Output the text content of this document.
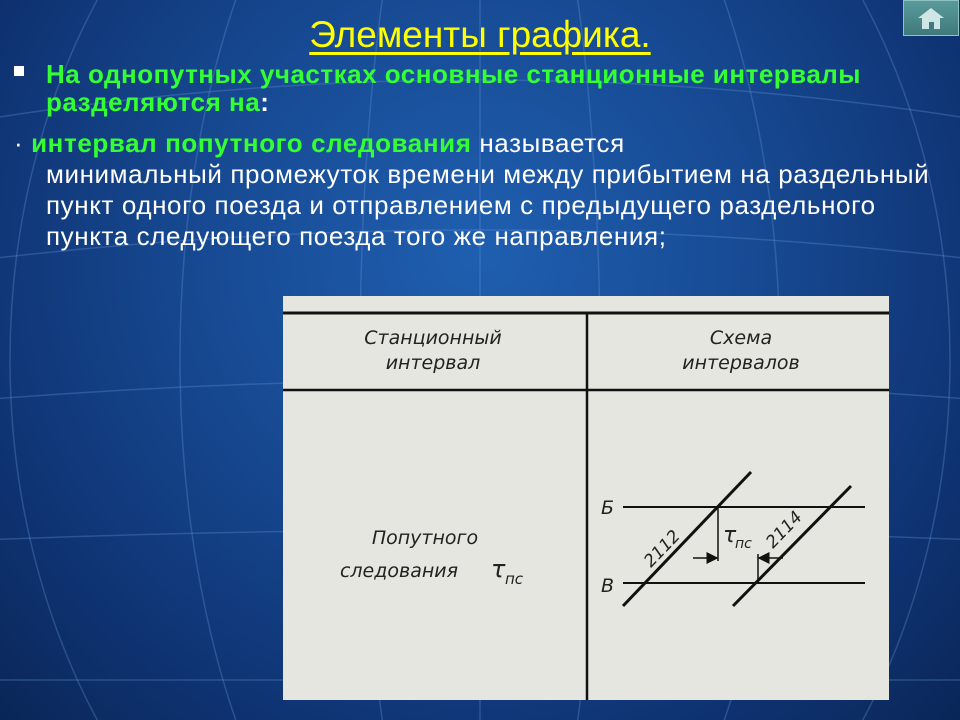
Элементы графика.
На однопутных участках основные станционные интервалы разделяются на:
· интервал попутного следования называется
минимальный промежуток времени между прибытием на раздельный пункт одного поезда и отправлением с предыдущего раздельного пункта следующего поезда того же направления;
Станционный
интервал
Схема
интервалов
Попутного
следования τ пс
Б
В
2112	2114
τ
пс
